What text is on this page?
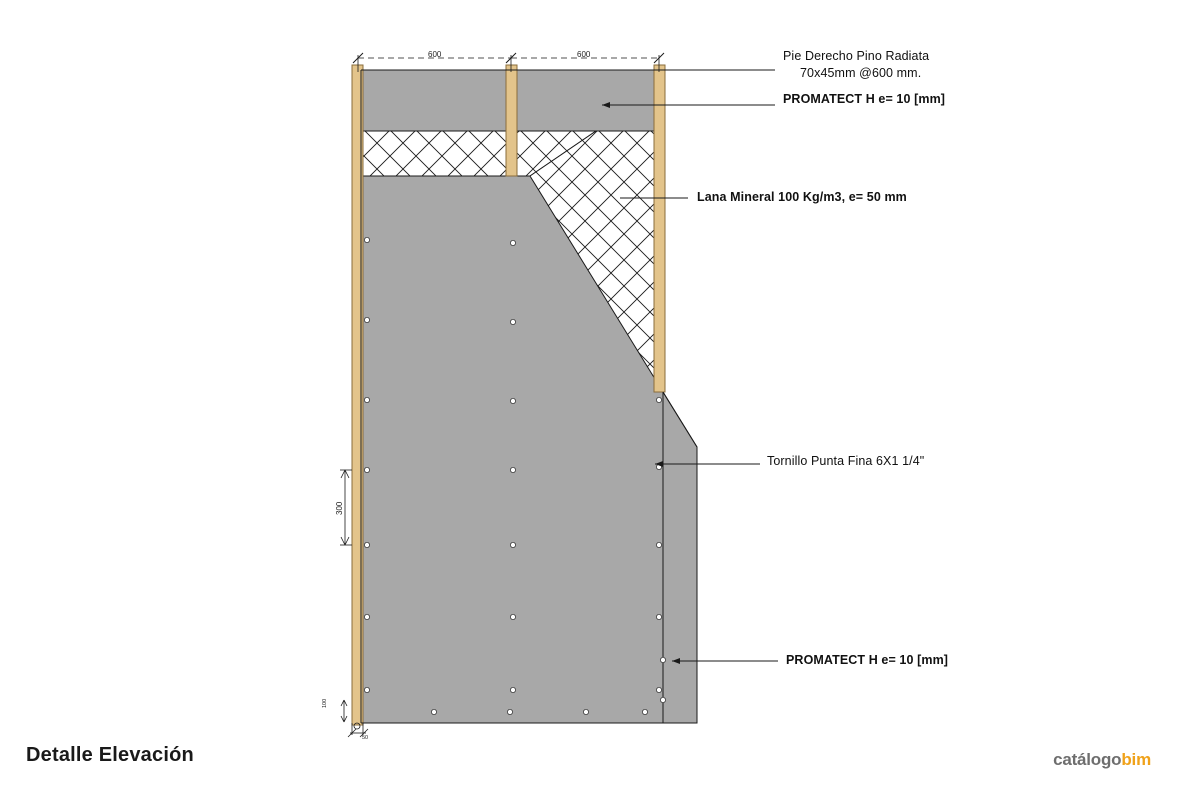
600	600
300
100
50
Pie Derecho Pino Radiata
70x45mm @600 mm.
PROMATECT H e= 10 [mm]
Lana Mineral 100 Kg/m3, e= 50 mm
Tornillo Punta Fina 6X1 1/4"
PROMATECT H e= 10 [mm]
Detalle Elevación	catálogobim
